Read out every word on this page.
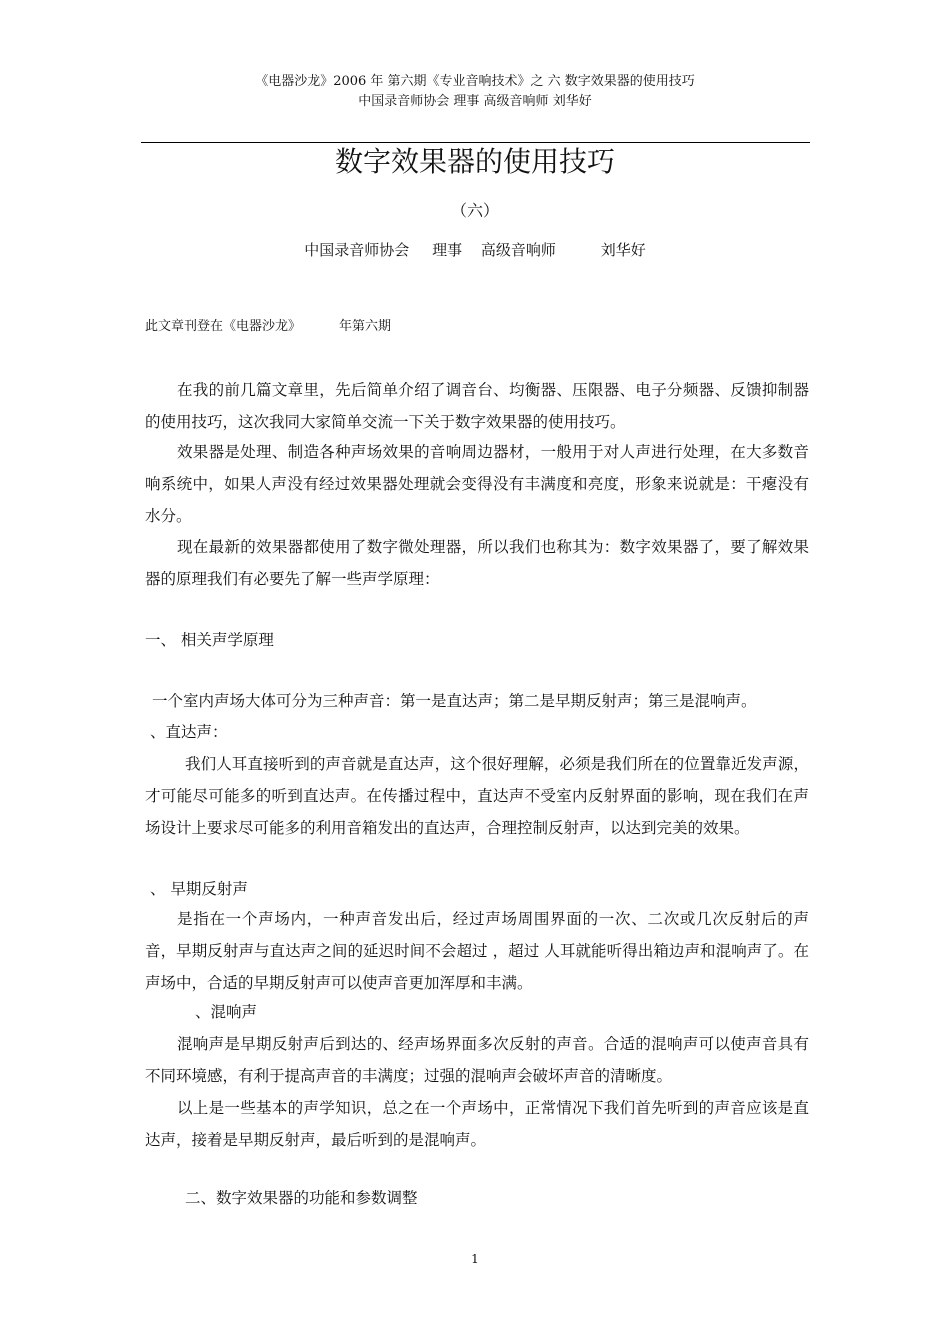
《电器沙龙》2006 年 第六期《专业音响技术》之 六 数字效果器的使用技巧
中国录音师协会 理事 高级音响师 刘华好
数字效果器的使用技巧
（六）
中国录音师协会 理事 高级音响师	刘华好
此文章刊登在《电器沙龙》	年第六期
在我的前几篇文章里，先后简单介绍了调音台、均衡器、压限器、电子分频器、反馈抑制器的使用技巧，这次我同大家简单交流一下关于数字效果器的使用技巧。
效果器是处理、制造各种声场效果的音响周边器材，一般用于对人声进行处理，在大多数音响系统中，如果人声没有经过效果器处理就会变得没有丰满度和亮度，形象来说就是：干瘪没有水分。
现在最新的效果器都使用了数字微处理器，所以我们也称其为：数字效果器了，要了解效果器的原理我们有必要先了解一些声学原理：
一、 相关声学原理
一个室内声场大体可分为三种声音：第一是直达声；第二是早期反射声；第三是混响声。
、直达声：
我们人耳直接听到的声音就是直达声，这个很好理解，必须是我们所在的位置靠近发声源，才可能尽可能多的听到直达声。在传播过程中，直达声不受室内反射界面的影响，现在我们在声场设计上要求尽可能多的利用音箱发出的直达声，合理控制反射声，以达到完美的效果。
、 早期反射声
是指在一个声场内，一种声音发出后，经过声场周围界面的一次、二次或几次反射后的声音，早期反射声与直达声之间的延迟时间不会超过 ，超过 人耳就能听得出箱边声和混响声了。在声场中，合适的早期反射声可以使声音更加浑厚和丰满。
、混响声
混响声是早期反射声后到达的、经声场界面多次反射的声音。合适的混响声可以使声音具有不同环境感，有利于提高声音的丰满度；过强的混响声会破坏声音的清晰度。
以上是一些基本的声学知识，总之在一个声场中，正常情况下我们首先听到的声音应该是直达声，接着是早期反射声，最后听到的是混响声。
二、数字效果器的功能和参数调整
1
